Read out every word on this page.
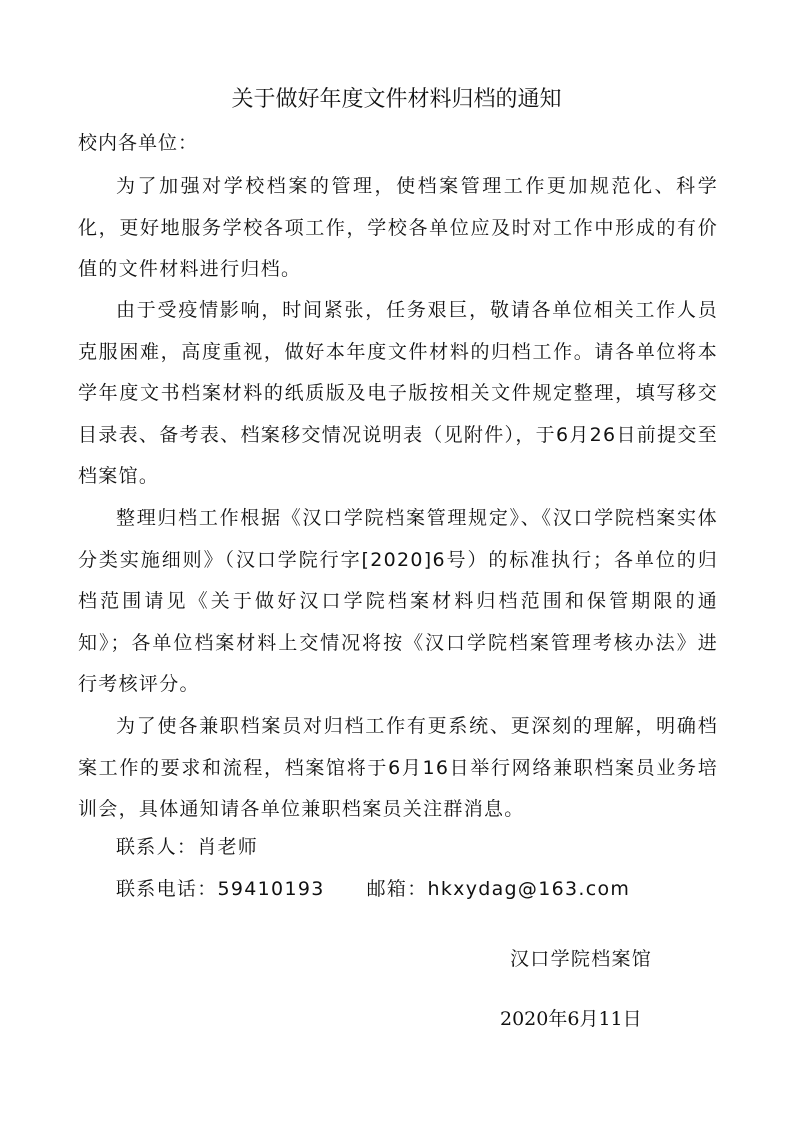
关于做好年度文件材料归档的通知

校内各单位：

为了加强对学校档案的管理，使档案管理工作更加规范化、科学化，更好地服务学校各项工作，学校各单位应及时对工作中形成的有价值的文件材料进行归档。

由于受疫情影响，时间紧张，任务艰巨，敬请各单位相关工作人员克服困难，高度重视，做好本年度文件材料的归档工作。请各单位将本学年度文书档案材料的纸质版及电子版按相关文件规定整理，填写移交目录表、备考表、档案移交情况说明表（见附件），于6月26日前提交至档案馆。

整理归档工作根据《汉口学院档案管理规定》、《汉口学院档案实体分类实施细则》（汉口学院行字[2020]6号）的标准执行；各单位的归档范围请见《关于做好汉口学院档案材料归档范围和保管期限的通知》；各单位档案材料上交情况将按《汉口学院档案管理考核办法》进行考核评分。

为了使各兼职档案员对归档工作有更系统、更深刻的理解，明确档案工作的要求和流程，档案馆将于6月16日举行网络兼职档案员业务培训会，具体通知请各单位兼职档案员关注群消息。

联系人：肖老师

联系电话：59410193 邮箱：hkxydag@163.com

汉口学院档案馆

2020年6月11日
